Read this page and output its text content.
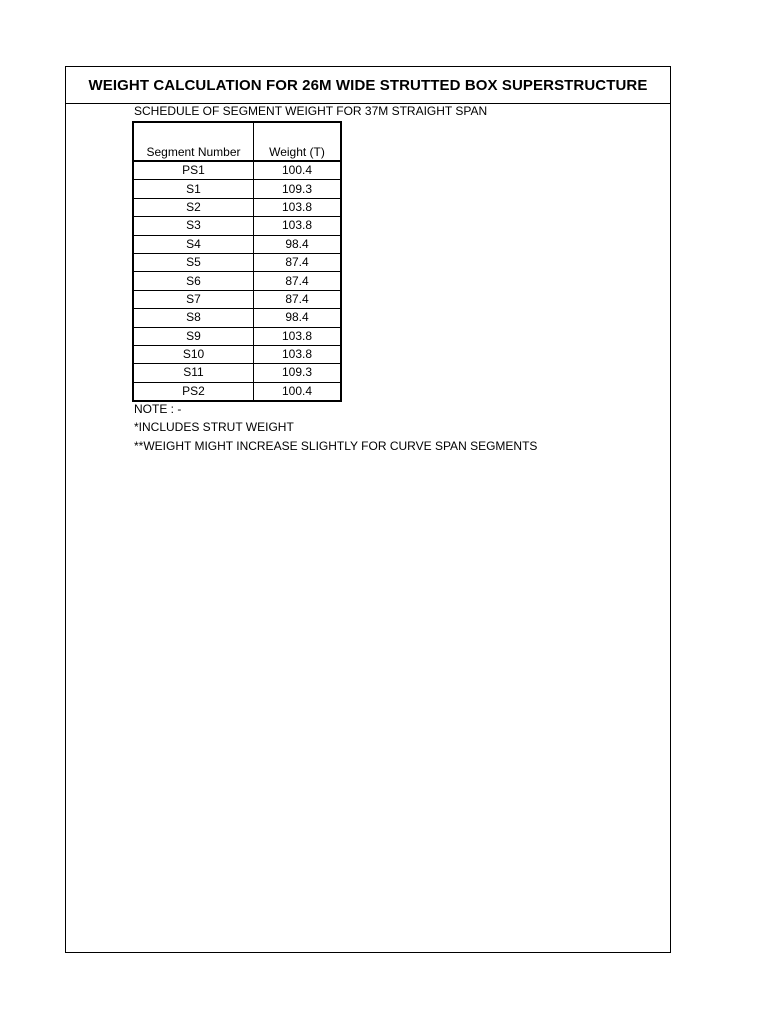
WEIGHT CALCULATION FOR 26M WIDE STRUTTED BOX SUPERSTRUCTURE
SCHEDULE OF SEGMENT WEIGHT FOR 37M STRAIGHT SPAN
Segment Number	Weight (T)
PS1	100.4
S1	109.3
S2	103.8
S3	103.8
S4	98.4
S5	87.4
S6	87.4
S7	87.4
S8	98.4
S9	103.8
S10	103.8
S11	109.3
PS2	100.4
NOTE : -
*INCLUDES STRUT WEIGHT
**WEIGHT MIGHT INCREASE SLIGHTLY FOR CURVE SPAN SEGMENTS
